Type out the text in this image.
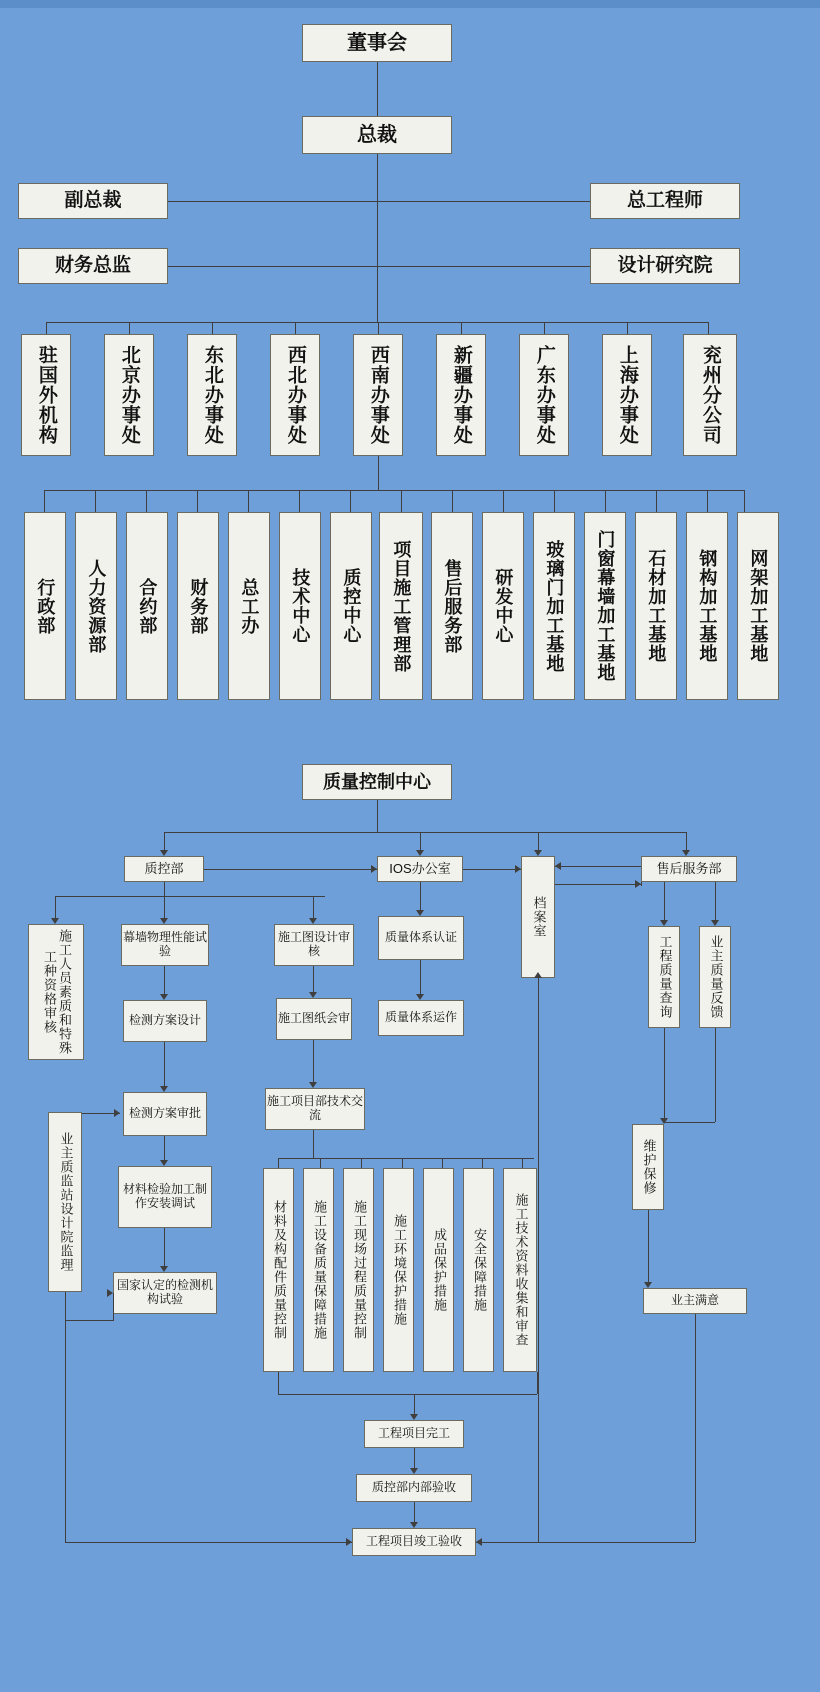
董事会
总裁
副总裁	总工程师
财务总监	设计研究院
驻国外机构	北京办事处	东北办事处	西北办事处	西南办事处	新疆办事处	广东办事处	上海办事处	兖州分公司
行政部	人力资源部	合约部	财务部	总工办	技术中心	质控中心	项目施工管理部	售后服务部	研发中心	玻璃门加工基地	门窗幕墙加工基地	石材加工基地	钢构加工基地	网架加工基地
质量控制中心
质控部	IOS办公室
档案室
售后服务部
施工人员素质和特殊工种资格审核
幕墙物理性能试验
施工图设计审核
检测方案设计
检测方案审批
材料检验加工制作安装调试
国家认定的检测机构试验
业主质监站设计院监理
施工图纸会审
施工项目部技术交流
质量体系认证
质量体系运作
材料及构配件质量控制	施工设备质量保障措施	施工现场过程质量控制	施工环境保护措施	成品保护措施	安全保障措施	施工技术资料收集和审查
工程项目完工
质控部内部验收
工程项目竣工验收
工程质量查询	业主质量反馈
维护保修
业主满意
